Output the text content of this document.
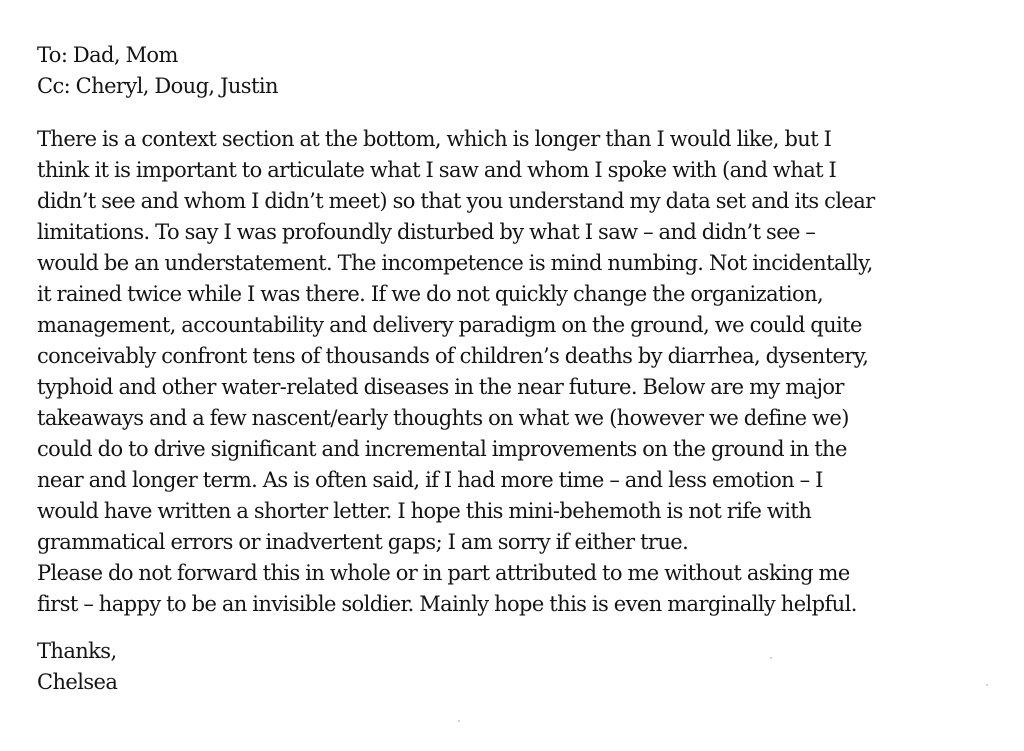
To: Dad, Mom
Cc: Cheryl, Doug, Justin
There is a context section at the bottom, which is longer than I would like, but I
think it is important to articulate what I saw and whom I spoke with (and what I
didn’t see and whom I didn’t meet) so that you understand my data set and its clear
limitations. To say I was profoundly disturbed by what I saw – and didn’t see –
would be an understatement. The incompetence is mind numbing. Not incidentally,
it rained twice while I was there. If we do not quickly change the organization,
management, accountability and delivery paradigm on the ground, we could quite
conceivably confront tens of thousands of children’s deaths by diarrhea, dysentery,
typhoid and other water-related diseases in the near future. Below are my major
takeaways and a few nascent/early thoughts on what we (however we define we)
could do to drive significant and incremental improvements on the ground in the
near and longer term. As is often said, if I had more time – and less emotion – I
would have written a shorter letter. I hope this mini-behemoth is not rife with
grammatical errors or inadvertent gaps; I am sorry if either true.
Please do not forward this in whole or in part attributed to me without asking me
first – happy to be an invisible soldier. Mainly hope this is even marginally helpful.
Thanks,
Chelsea
